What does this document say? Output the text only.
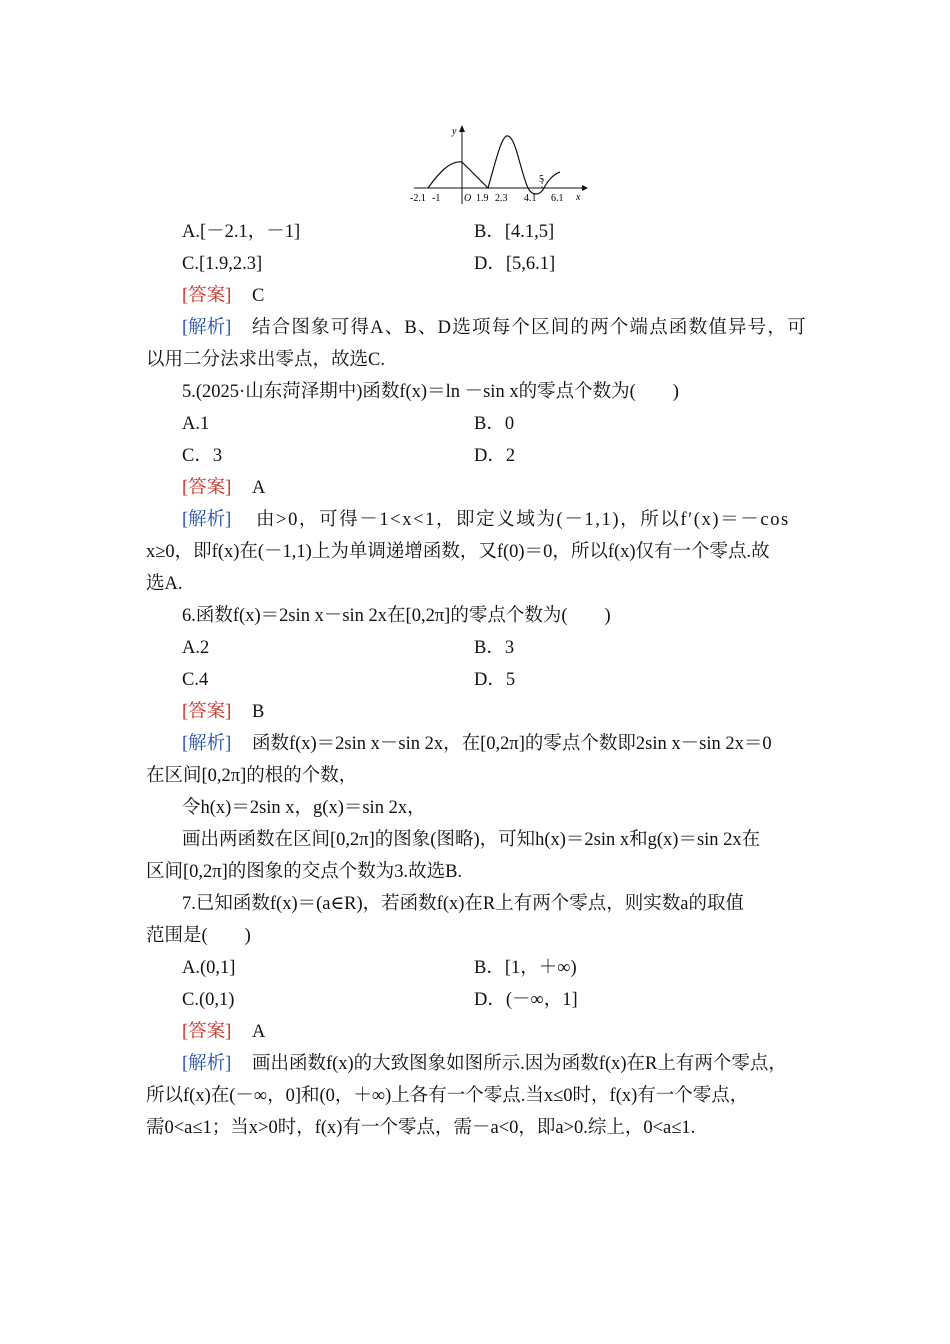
y
x
-2.1 -1 O 1.9 2.3 4.1
5
6.1
A.[－2.1，－1]	B．[4.1,5]
C.[1.9,2.3]	D．[5,6.1]
[答案] C
[解析] 结合图象可得A、B、D选项每个区间的两个端点函数值异号，可
以用二分法求出零点，故选C.
5.(2025·山东菏泽期中)函数f(x)＝ln －sin x的零点个数为(　　)
A.1	B．0
C．3	D．2
[答案] A
[解析] 由>0，可得－1<x<1，即定义域为(－1,1)，所以f′(x)＝－cos
x≥0，即f(x)在(－1,1)上为单调递增函数，又f(0)＝0，所以f(x)仅有一个零点.故
选A.
6.函数f(x)＝2sin x－sin 2x在[0,2π]的零点个数为(　　)
A.2	B．3
C.4	D．5
[答案] B
[解析] 函数f(x)＝2sin x－sin 2x，在[0,2π]的零点个数即2sin x－sin 2x＝0
在区间[0,2π]的根的个数，
令h(x)＝2sin x，g(x)＝sin 2x，
画出两函数在区间[0,2π]的图象(图略)，可知h(x)＝2sin x和g(x)＝sin 2x在
区间[0,2π]的图象的交点个数为3.故选B.
7.已知函数f(x)＝(a∈R)，若函数f(x)在R上有两个零点，则实数a的取值
范围是(　　)
A.(0,1]	B．[1，＋∞)
C.(0,1)	D．(－∞，1]
[答案] A
[解析] 画出函数f(x)的大致图象如图所示.因为函数f(x)在R上有两个零点，
所以f(x)在(－∞，0]和(0，＋∞)上各有一个零点.当x≤0时，f(x)有一个零点，
需0<a≤1；当x>0时，f(x)有一个零点，需－a<0，即a>0.综上，0<a≤1.
